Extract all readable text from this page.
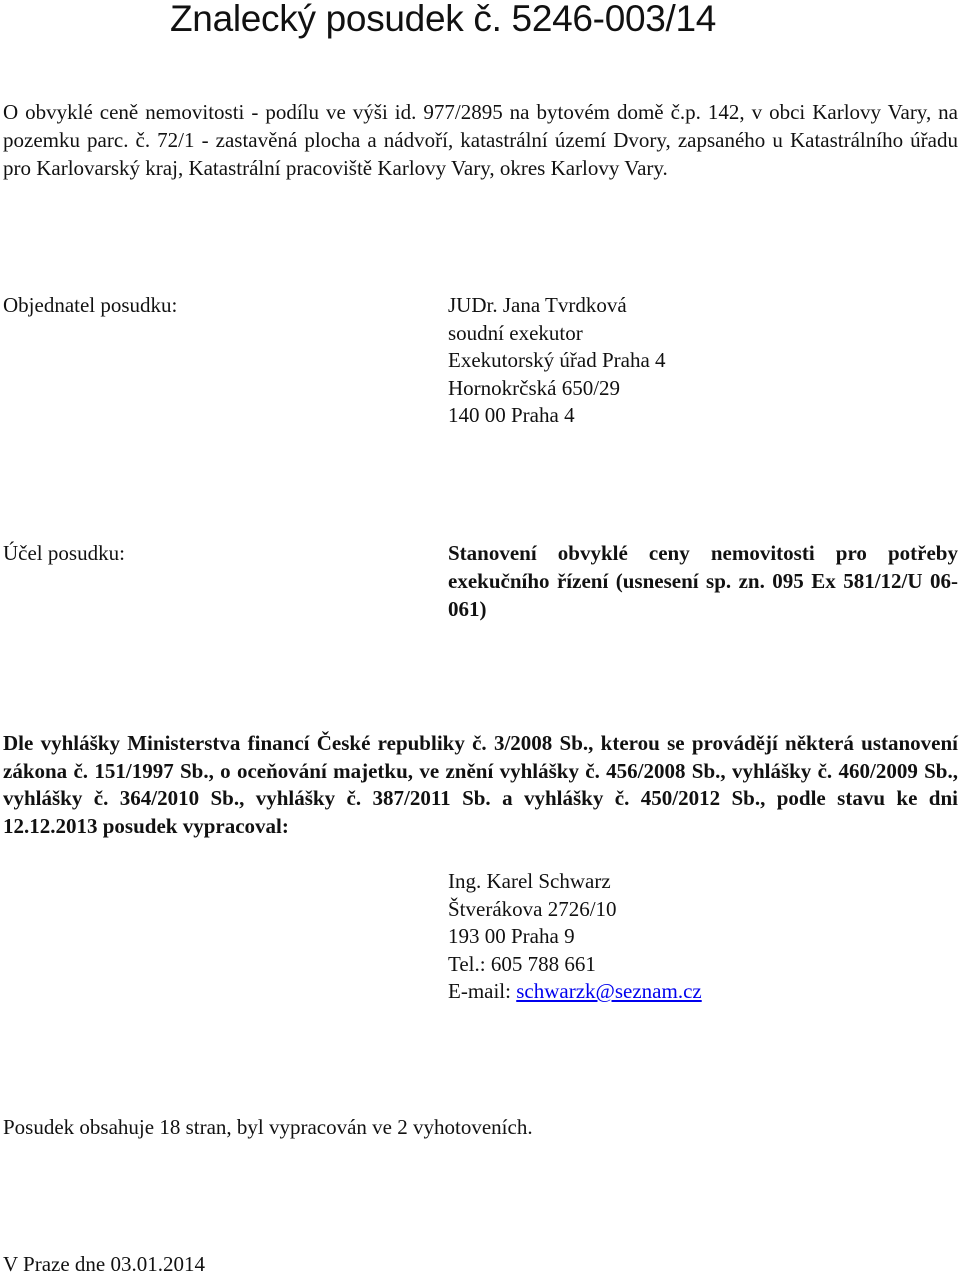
Znalecký posudek č. 5246-003/14

O obvyklé ceně nemovitosti - podílu ve výši id. 977/2895 na bytovém domě č.p. 142, v obci Karlovy Vary, na pozemku parc. č. 72/1 - zastavěná plocha a nádvoří, katastrální území Dvory, zapsaného u Katastrálního úřadu pro Karlovarský kraj, Katastrální pracoviště Karlovy Vary, okres Karlovy Vary.

Objednatel posudku:	JUDr. Jana Tvrdková
soudní exekutor
Exekutorský úřad Praha 4
Hornokrčská 650/29
140 00 Praha 4

Účel posudku:	Stanovení obvyklé ceny nemovitosti pro potřeby exekučního řízení (usnesení sp. zn. 095 Ex 581/12/U 06-061)

Dle vyhlášky Ministerstva financí České republiky č. 3/2008 Sb., kterou se provádějí některá ustanovení zákona č. 151/1997 Sb., o oceňování majetku, ve znění vyhlášky č. 456/2008 Sb., vyhlášky č. 460/2009 Sb., vyhlášky č. 364/2010 Sb., vyhlášky č. 387/2011 Sb. a vyhlášky č. 450/2012 Sb., podle stavu ke dni 12.12.2013 posudek vypracoval:

Ing. Karel Schwarz
Štverákova 2726/10
193 00 Praha 9
Tel.: 605 788 661
E-mail: schwarzk@seznam.cz

Posudek obsahuje 18 stran, byl vypracován ve 2 vyhotoveních.

V Praze dne 03.01.2014
